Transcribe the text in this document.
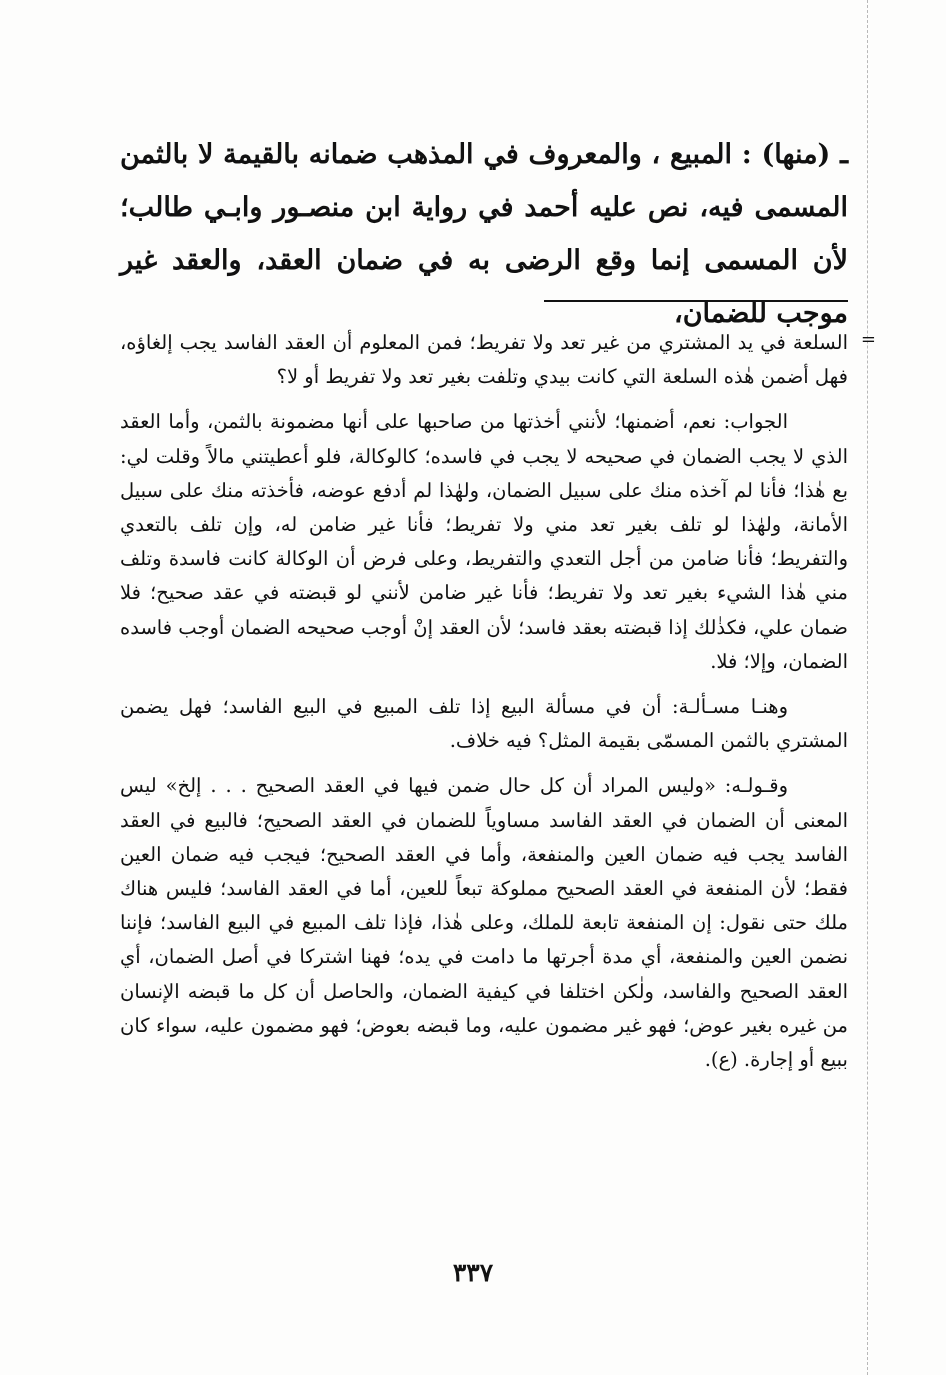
ـ (منها) : المبيع ، والمعروف في المذهب ضمانه بالقيمة لا بالثمن المسمى فيه، نص عليه أحمد في رواية ابن منصـور وابـي طالب؛ لأن المسمى إنما وقع الرضى به في ضمان العقد، والعقد غير موجب للضمان،

=

السلعة في يد المشتري من غير تعد ولا تفريط؛ فمن المعلوم أن العقد الفاسد يجب إلغاؤه، فهل أضمن هٰذه السلعة التي كانت بيدي وتلفت بغير تعد ولا تفريط أو لا؟

الجواب: نعم، أضمنها؛ لأنني أخذتها من صاحبها على أنها مضمونة بالثمن، وأما العقد الذي لا يجب الضمان في صحيحه لا يجب في فاسده؛ كالوكالة، فلو أعطيتني مالاً وقلت لي: بع هٰذا؛ فأنا لم آخذه منك على سبيل الضمان، ولهٰذا لم أدفع عوضه، فأخذته منك على سبيل الأمانة، ولهٰذا لو تلف بغير تعد مني ولا تفريط؛ فأنا غير ضامن له، وإن تلف بالتعدي والتفريط؛ فأنا ضامن من أجل التعدي والتفريط، وعلى فرض أن الوكالة كانت فاسدة وتلف مني هٰذا الشيء بغير تعد ولا تفريط؛ فأنا غير ضامن لأنني لو قبضته في عقد صحيح؛ فلا ضمان علي، فكذٰلك إذا قبضته بعقد فاسد؛ لأن العقد إنْ أوجب صحيحه الضمان أوجب فاسده الضمان، وإلا؛ فلا.

وهنـا مسـألـة: أن في مسألة البيع إذا تلف المبيع في البيع الفاسد؛ فهل يضمن المشتري بالثمن المسمّى بقيمة المثل؟ فيه خلاف.

وقـولـه: «وليس المراد أن كل حال ضمن فيها في العقد الصحيح . . . إلخ» ليس المعنى أن الضمان في العقد الفاسد مساوياً للضمان في العقد الصحيح؛ فالبيع في العقد الفاسد يجب فيه ضمان العين والمنفعة، وأما في العقد الصحيح؛ فيجب فيه ضمان العين فقط؛ لأن المنفعة في العقد الصحيح مملوكة تبعاً للعين، أما في العقد الفاسد؛ فليس هناك ملك حتى نقول: إن المنفعة تابعة للملك، وعلى هٰذا، فإذا تلف المبيع في البيع الفاسد؛ فإننا نضمن العين والمنفعة، أي مدة أجرتها ما دامت في يده؛ فهنا اشتركا في أصل الضمان، أي العقد الصحيح والفاسد، ولٰكن اختلفا في كيفية الضمان، والحاصل أن كل ما قبضه الإنسان من غيره بغير عوض؛ فهو غير مضمون عليه، وما قبضه بعوض؛ فهو مضمون عليه، سواء كان ببيع أو إجارة. (ع).

٣٣٧
